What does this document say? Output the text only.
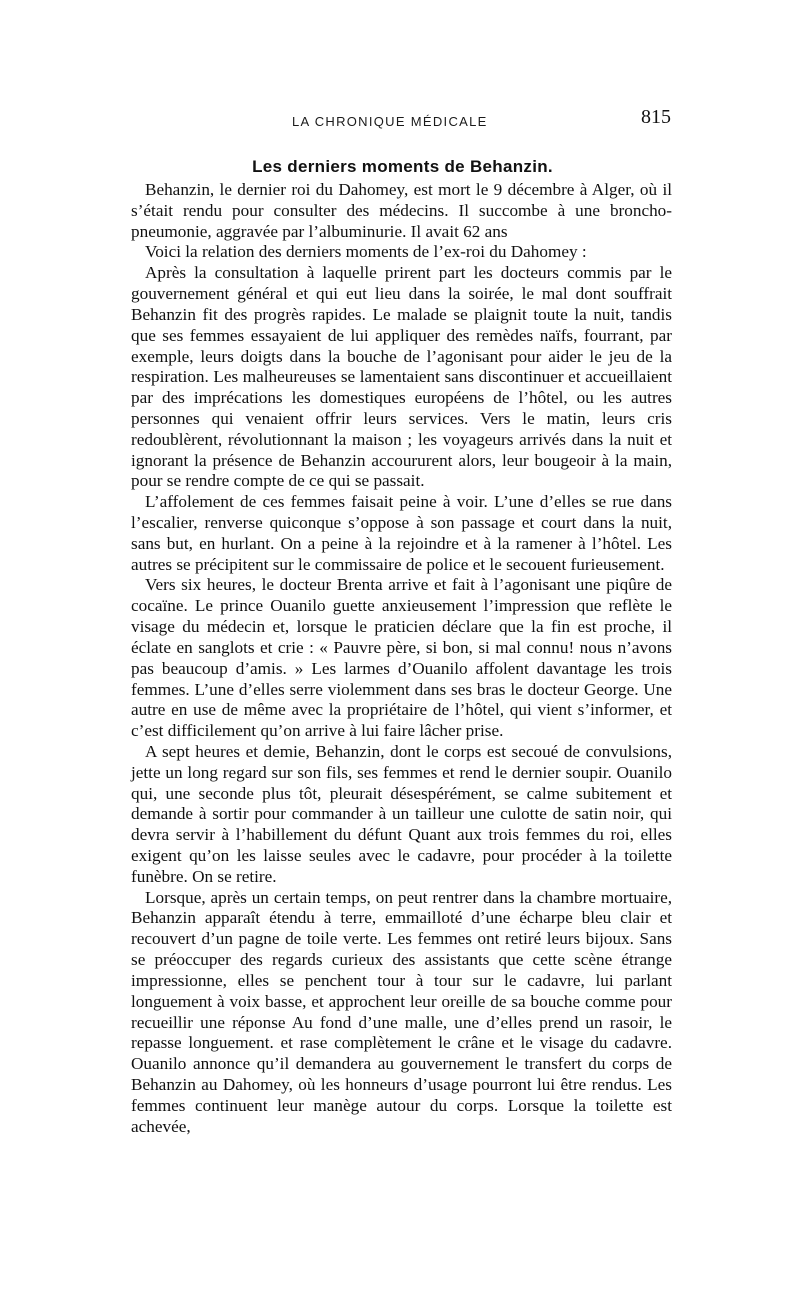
LA CHRONIQUE MÉDICALE	815
Les derniers moments de Behanzin.

Behanzin, le dernier roi du Dahomey, est mort le 9 décembre à Alger, où il s’était rendu pour consulter des médecins. Il succombe à une broncho-pneumonie, aggravée par l’albuminurie. Il avait 62 ans

Voici la relation des derniers moments de l’ex-roi du Dahomey :

Après la consultation à laquelle prirent part les docteurs commis par le gouvernement général et qui eut lieu dans la soirée, le mal dont souffrait Behanzin fit des progrès rapides. Le malade se plaignit toute la nuit, tandis que ses femmes essayaient de lui appliquer des remèdes naïfs, fourrant, par exemple, leurs doigts dans la bouche de l’agonisant pour aider le jeu de la respiration. Les malheureuses se lamentaient sans discontinuer et accueillaient par des imprécations les domestiques européens de l’hôtel, ou les autres personnes qui venaient offrir leurs services. Vers le matin, leurs cris redoublèrent, révolutionnant la maison ; les voyageurs arrivés dans la nuit et ignorant la présence de Behanzin accoururent alors, leur bougeoir à la main, pour se rendre compte de ce qui se passait.

L’affolement de ces femmes faisait peine à voir. L’une d’elles se rue dans l’escalier, renverse quiconque s’oppose à son passage et court dans la nuit, sans but, en hurlant. On a peine à la rejoindre et à la ramener à l’hôtel. Les autres se précipitent sur le commissaire de police et le secouent furieusement.

Vers six heures, le docteur Brenta arrive et fait à l’agonisant une piqûre de cocaïne. Le prince Ouanilo guette anxieusement l’impression que reflète le visage du médecin et, lorsque le praticien déclare que la fin est proche, il éclate en sanglots et crie : « Pauvre père, si bon, si mal connu! nous n’avons pas beaucoup d’amis. » Les larmes d’Ouanilo affolent davantage les trois femmes. L’une d’elles serre violemment dans ses bras le docteur George. Une autre en use de même avec la propriétaire de l’hôtel, qui vient s’informer, et c’est difficilement qu’on arrive à lui faire lâcher prise.

A sept heures et demie, Behanzin, dont le corps est secoué de convulsions, jette un long regard sur son fils, ses femmes et rend le dernier soupir. Ouanilo qui, une seconde plus tôt, pleurait désespérément, se calme subitement et demande à sortir pour commander à un tailleur une culotte de satin noir, qui devra servir à l’habillement du défunt Quant aux trois femmes du roi, elles exigent qu’on les laisse seules avec le cadavre, pour procéder à la toilette funèbre. On se retire.

Lorsque, après un certain temps, on peut rentrer dans la chambre mortuaire, Behanzin apparaît étendu à terre, emmailloté d’une écharpe bleu clair et recouvert d’un pagne de toile verte. Les femmes ont retiré leurs bijoux. Sans se préoccuper des regards curieux des assistants que cette scène étrange impressionne, elles se penchent tour à tour sur le cadavre, lui parlant longuement à voix basse, et approchent leur oreille de sa bouche comme pour recueillir une réponse Au fond d’une malle, une d’elles prend un rasoir, le repasse longuement. et rase complètement le crâne et le visage du cadavre. Ouanilo annonce qu’il demandera au gouvernement le transfert du corps de Behanzin au Dahomey, où les honneurs d’usage pourront lui être rendus. Les femmes continuent leur manège autour du corps. Lorsque la toilette est achevée,
